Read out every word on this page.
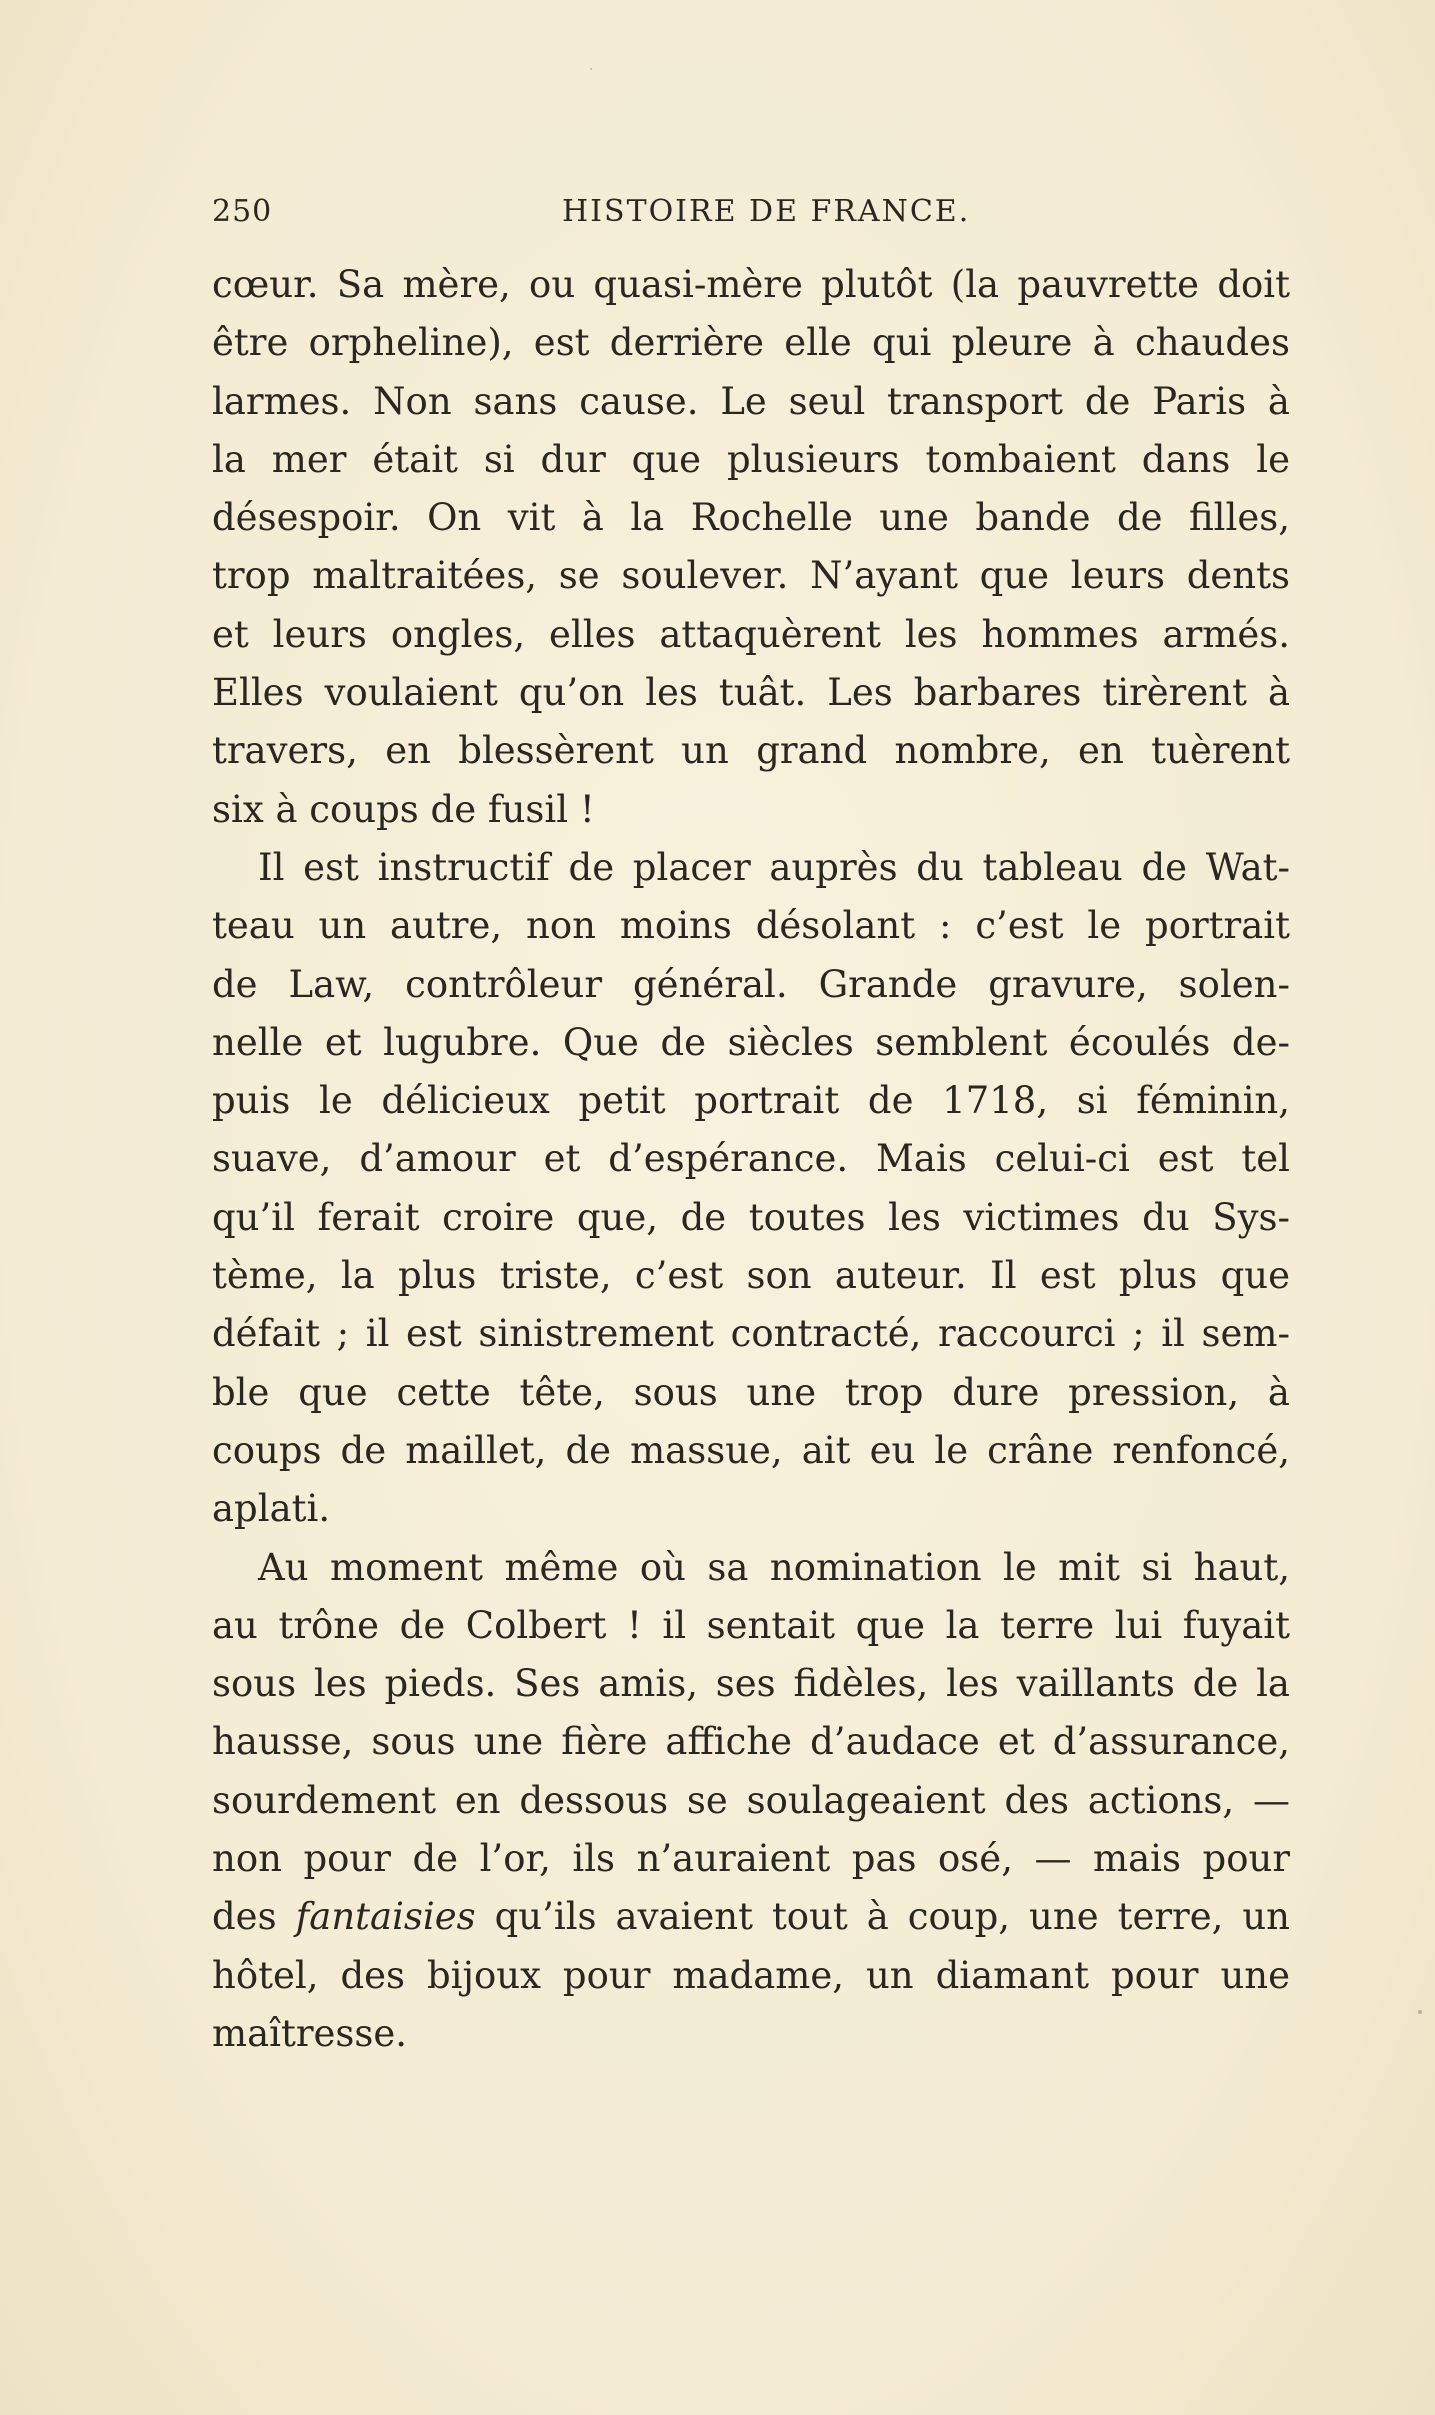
250	HISTOIRE DE FRANCE.
cœur. Sa mère, ou quasi-mère plutôt (la pauvrette doit
être orpheline), est derrière elle qui pleure à chaudes
larmes. Non sans cause. Le seul transport de Paris à
la mer était si dur que plusieurs tombaient dans le
désespoir. On vit à la Rochelle une bande de filles,
trop maltraitées, se soulever. N’ayant que leurs dents
et leurs ongles, elles attaquèrent les hommes armés.
Elles voulaient qu’on les tuât. Les barbares tirèrent à
travers, en blessèrent un grand nombre, en tuèrent
six à coups de fusil !
Il est instructif de placer auprès du tableau de Wat-
teau un autre, non moins désolant : c’est le portrait
de Law, contrôleur général. Grande gravure, solen-
nelle et lugubre. Que de siècles semblent écoulés de-
puis le délicieux petit portrait de 1718, si féminin,
suave, d’amour et d’espérance. Mais celui-ci est tel
qu’il ferait croire que, de toutes les victimes du Sys-
tème, la plus triste, c’est son auteur. Il est plus que
défait ; il est sinistrement contracté, raccourci ; il sem-
ble que cette tête, sous une trop dure pression, à
coups de maillet, de massue, ait eu le crâne renfoncé,
aplati.
Au moment même où sa nomination le mit si haut,
au trône de Colbert ! il sentait que la terre lui fuyait
sous les pieds. Ses amis, ses fidèles, les vaillants de la
hausse, sous une fière affiche d’audace et d’assurance,
sourdement en dessous se soulageaient des actions, —
non pour de l’or, ils n’auraient pas osé, — mais pour
des fantaisies qu’ils avaient tout à coup, une terre, un
hôtel, des bijoux pour madame, un diamant pour une
maîtresse.
